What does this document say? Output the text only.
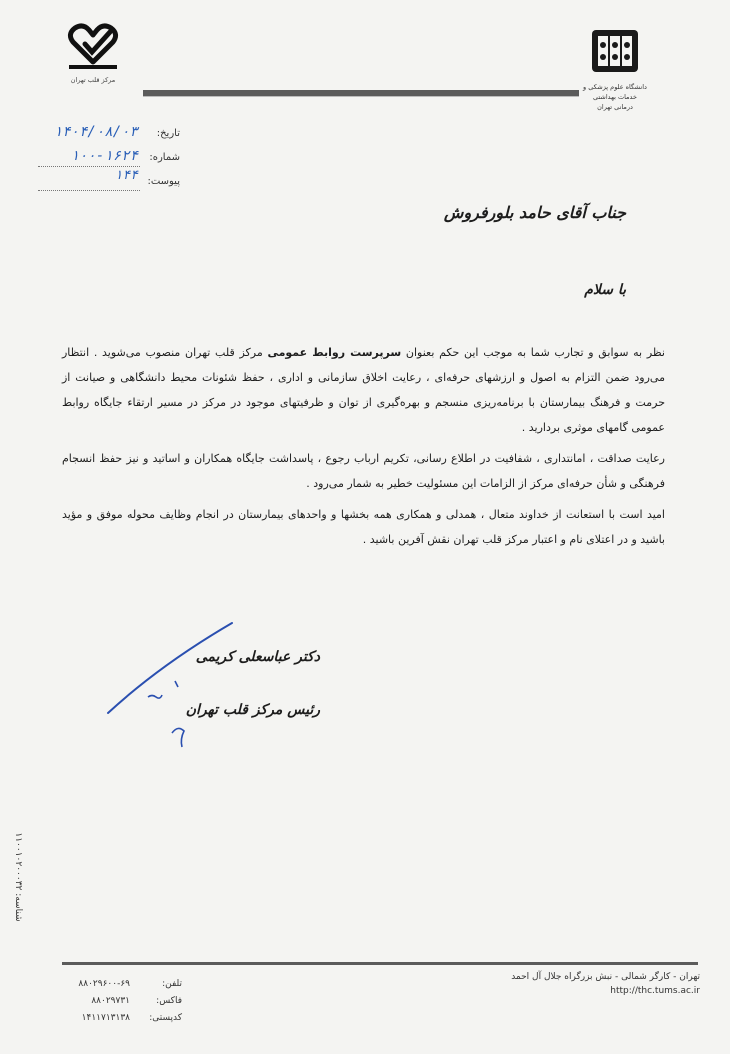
مرکز قلب تهران
دانشگاه علوم پزشکی و
خدمات بهداشتی
درمانی تهران
تاریخ:
۱۴۰۴/۰۸/۰۳
شماره:
۱۰۰-۱۶۲۴
پیوست:
۱۴۴
جناب آقای حامد بلورفروش
با سلام

نظر به سوابق و تجارب شما به موجب این حکم بعنوان سرپرست روابط عمومی مرکز قلب تهران منصوب می‌شوید . انتظار می‌رود ضمن التزام به اصول و ارزشهای حرفه‌ای ، رعایت اخلاق سازمانی و اداری ، حفظ شئونات محیط دانشگاهی و صیانت از حرمت و فرهنگ بیمارستان با برنامه‌ریزی منسجم و بهره‌گیری از توان و ظرفیتهای موجود در مرکز در مسیر ارتقاء جایگاه روابط عمومی گامهای موثری بردارید .

رعایت صداقت ، امانتداری ، شفافیت در اطلاع رسانی، تکریم ارباب رجوع ، پاسداشت جایگاه همکاران و اساتید و نیز حفظ انسجام فرهنگی و شأن حرفه‌ای مرکز از الزامات این مسئولیت خطیر به شمار می‌رود .

امید است با استعانت از خداوند متعال ، همدلی و همکاری همه بخشها و واحدهای بیمارستان در انجام وظایف محوله موفق و مؤید باشید و در اعتلای نام و اعتبار مرکز قلب تهران نقش آفرین باشید .

دکتر عباسعلی کریمی
رئیس مرکز قلب تهران
شناسه: ۱۱۰۰۱۰۲۰۰۰۳۲
تهران - کارگر شمالی - نبش بزرگراه جلال آل احمد
http://thc.tums.ac.ir
تلفن:
۸۸۰۲۹۶۰۰-۶۹
فاکس:
۸۸۰۲۹۷۳۱
کدپستی:
۱۴۱۱۷۱۳۱۳۸
